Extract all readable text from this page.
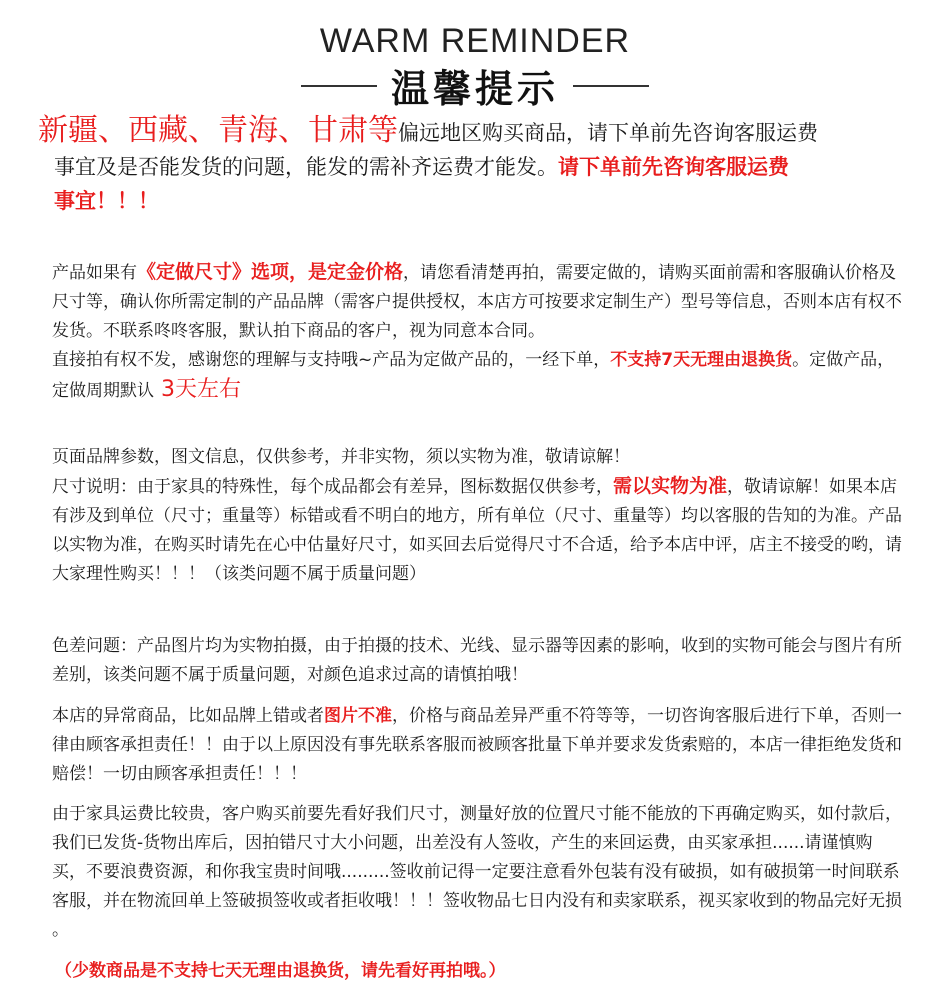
WARM REMINDER
温馨提示
新疆、西藏、青海、甘肃等偏远地区购买商品，请下单前先咨询客服运费
事宜及是否能发货的问题，能发的需补齐运费才能发。请下单前先咨询客服运费
事宜！！！
产品如果有《定做尺寸》选项，是定金价格，请您看清楚再拍，需要定做的，请购买面前需和客服确认价格及尺寸等，确认你所需定制的产品品牌（需客户提供授权，本店方可按要求定制生产）型号等信息，否则本店有权不发货。不联系咚咚客服，默认拍下商品的客户，视为同意本合同。
直接拍有权不发，感谢您的理解与支持哦~产品为定做产品的，一经下单，不支持7天无理由退换货。定做产品，定做周期默认 3天左右
页面品牌参数，图文信息，仅供参考，并非实物，须以实物为准，敬请谅解！
尺寸说明：由于家具的特殊性，每个成品都会有差异，图标数据仅供参考，需以实物为准，敬请谅解！如果本店有涉及到单位（尺寸；重量等）标错或看不明白的地方，所有单位（尺寸、重量等）均以客服的告知的为准。产品以实物为准，在购买时请先在心中估量好尺寸，如买回去后觉得尺寸不合适，给予本店中评，店主不接受的哟，请大家理性购买！！！（该类问题不属于质量问题）
色差问题：产品图片均为实物拍摄，由于拍摄的技术、光线、显示器等因素的影响，收到的实物可能会与图片有所差别，该类问题不属于质量问题，对颜色追求过高的请慎拍哦！
本店的异常商品，比如品牌上错或者图片不准，价格与商品差异严重不符等等，一切咨询客服后进行下单，否则一律由顾客承担责任！！由于以上原因没有事先联系客服而被顾客批量下单并要求发货索赔的，本店一律拒绝发货和赔偿！一切由顾客承担责任！！！
由于家具运费比较贵，客户购买前要先看好我们尺寸，测量好放的位置尺寸能不能放的下再确定购买，如付款后，我们已发货-货物出库后，因拍错尺寸大小问题，出差没有人签收，产生的来回运费，由买家承担......请谨慎购买，不要浪费资源，和你我宝贵时间哦.........签收前记得一定要注意看外包装有没有破损，如有破损第一时间联系客服，并在物流回单上签破损签收或者拒收哦！！！签收物品七日内没有和卖家联系，视买家收到的物品完好无损 。
（少数商品是不支持七天无理由退换货，请先看好再拍哦。）
